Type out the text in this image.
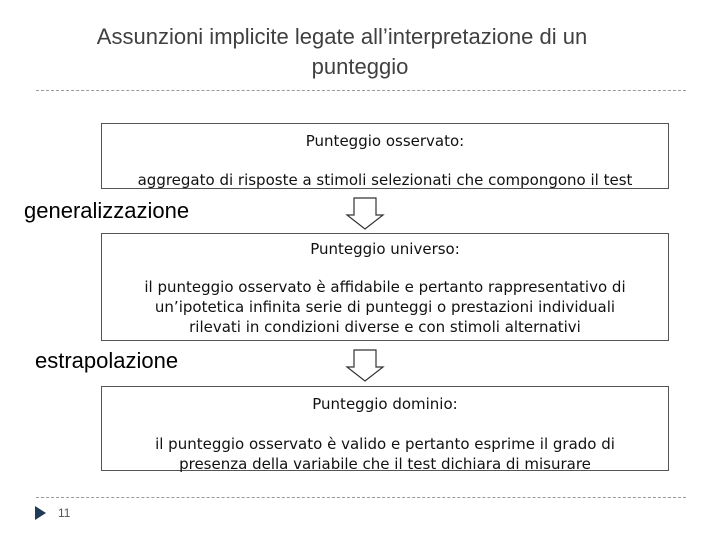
Assunzioni implicite legate all’interpretazione di un
punteggio
Punteggio osservato:
aggregato di risposte a stimoli selezionati che compongono il test
generalizzazione
Punteggio universo:
il punteggio osservato è affidabile e pertanto rappresentativo di
un’ipotetica infinita serie di punteggi o prestazioni individuali
rilevati in condizioni diverse e con stimoli alternativi
estrapolazione
Punteggio dominio:
il punteggio osservato è valido e pertanto esprime il grado di
presenza della variabile che il test dichiara di misurare
11
